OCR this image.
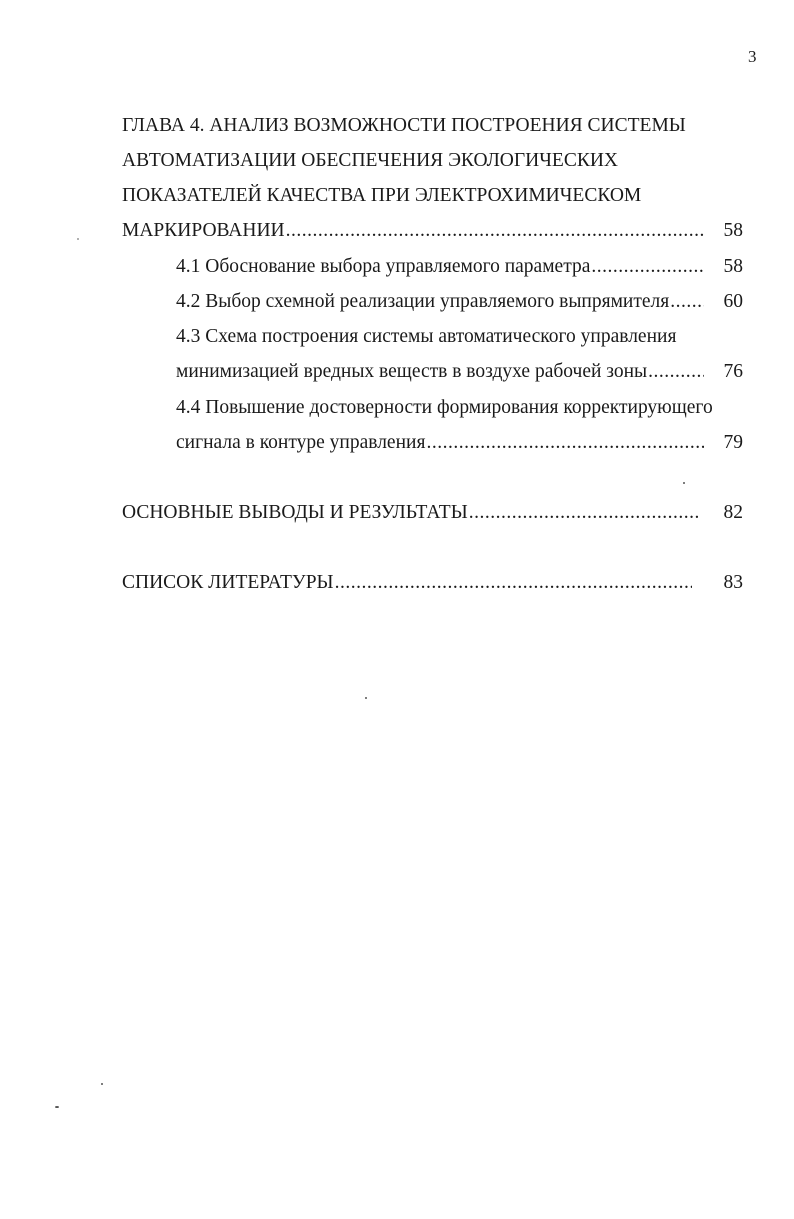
3
ГЛАВА 4. АНАЛИЗ ВОЗМОЖНОСТИ ПОСТРОЕНИЯ СИСТЕМЫ
АВТОМАТИЗАЦИИ ОБЕСПЕЧЕНИЯ ЭКОЛОГИЧЕСКИХ
ПОКАЗАТЕЛЕЙ КАЧЕСТВА ПРИ ЭЛЕКТРОХИМИЧЕСКОМ
МАРКИРОВАНИИ .....	58
4.1 Обоснование выбора управляемого параметра .....	58
4.2 Выбор схемной реализации управляемого выпрямителя .....	60
4.3 Схема построения системы автоматического управления
минимизацией вредных веществ в воздухе рабочей зоны .....	76
4.4 Повышение достоверности формирования корректирующего
сигнала в контуре управления .....	79
ОСНОВНЫЕ ВЫВОДЫ И РЕЗУЛЬТАТЫ .....	82
СПИСОК ЛИТЕРАТУРЫ .....	83
